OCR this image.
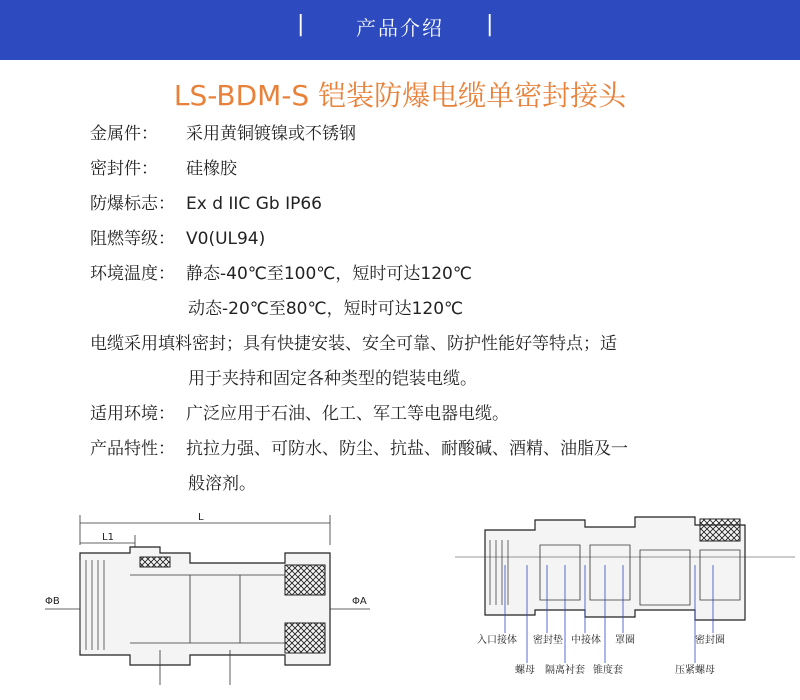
|	产品介绍	|
LS-BDM-S 铠装防爆电缆单密封接头
金属件： 采用黄铜镀镍或不锈钢
密封件： 硅橡胶
防爆标志： Ex d IIC Gb IP66
阻燃等级： V0(UL94)
环境温度： 静态-40℃至100℃，短时可达120℃
动态-20℃至80℃，短时可达120℃
电缆采用填料密封；具有快捷安装、安全可靠、防护性能好等特点；适
用于夹持和固定各种类型的铠装电缆。
适用环境： 广泛应用于石油、化工、军工等电器电缆。
产品特性： 抗拉力强、可防水、防尘、抗盐、耐酸碱、酒精、油脂及一
般溶剂。
L
L1
ΦB	ΦA
入口接体 密封垫 中接体 罩圈	密封圈
螺母 隔离衬套 锥度套	压紧螺母
